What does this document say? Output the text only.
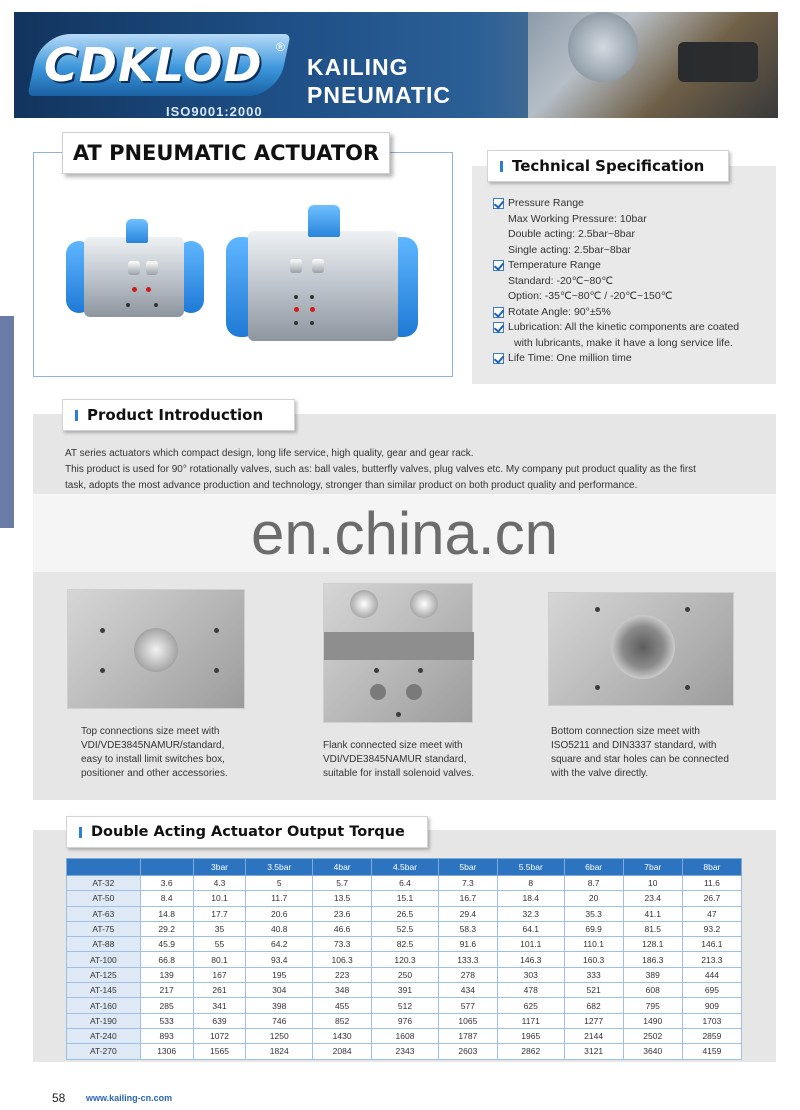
CDKLOD ®
ISO9001:2000
KAILING
PNEUMATIC
AT PNEUMATIC ACTUATOR
Technical Specification
Pressure Range
Max Working Pressure: 10bar
Double acting: 2.5bar~8bar
Single acting: 2.5bar~8bar
Temperature Range
Standard: -20℃~80℃
Option: -35℃~80℃ / -20℃~150℃
Rotate Angle: 90°±5%
Lubrication: All the kinetic components are coated
with lubricants, make it have a long service life.
Life Time: One million time
Product Introduction
AT series actuators which compact design, long life service, high quality, gear and gear rack.
This product is used for 90° rotationally valves, such as: ball vales, butterfly valves, plug valves etc. My company put product quality as the first
task, adopts the most advance production and technology, stronger than similar product on both product quality and performance.
en.china.cn
Top connections size meet with
VDI/VDE3845NAMUR/standard,
easy to install limit switches box,
positioner and other accessories.
Flank connected size meet with
VDI/VDE3845NAMUR standard,
suitable for install solenoid valves.
Bottom connection size meet with
ISO5211 and DIN3337 standard, with
square and star holes can be connected
with the valve directly.
Double Acting Actuator Output Torque
		3bar	3.5bar	4bar	4.5bar	5bar	5.5bar	6bar	7bar	8bar
AT-32	3.6	4.3	5	5.7	6.4	7.3	8	8.7	10	11.6
AT-50	8.4	10.1	11.7	13.5	15.1	16.7	18.4	20	23.4	26.7
AT-63	14.8	17.7	20.6	23.6	26.5	29.4	32.3	35.3	41.1	47
AT-75	29.2	35	40.8	46.6	52.5	58.3	64.1	69.9	81.5	93.2
AT-88	45.9	55	64.2	73.3	82.5	91.6	101.1	110.1	128.1	146.1
AT-100	66.8	80.1	93.4	106.3	120.3	133.3	146.3	160.3	186.3	213.3
AT-125	139	167	195	223	250	278	303	333	389	444
AT-145	217	261	304	348	391	434	478	521	608	695
AT-160	285	341	398	455	512	577	625	682	795	909
AT-190	533	639	746	852	976	1065	1171	1277	1490	1703
AT-240	893	1072	1250	1430	1608	1787	1965	2144	2502	2859
AT-270	1306	1565	1824	2084	2343	2603	2862	3121	3640	4159
58 www.kailing-cn.com
